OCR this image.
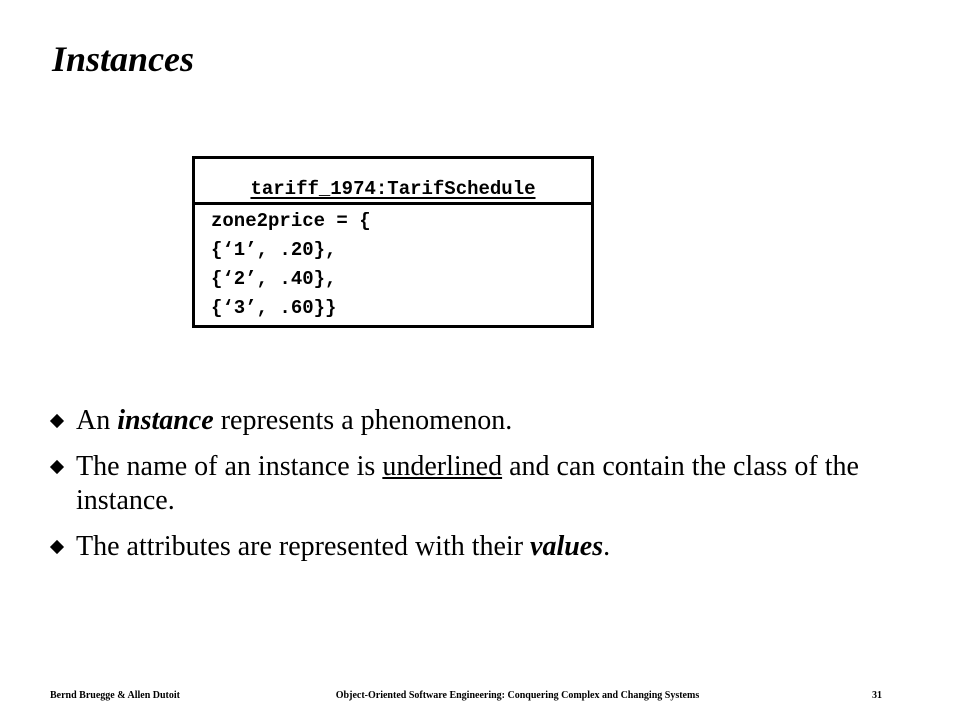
Instances
tariff_1974:TarifSchedule
zone2price = {
{‘1’, .20},
{‘2’, .40},
{‘3’, .60}}
An instance represents a phenomenon.
The name of an instance is underlined and can contain the class of the instance.
The attributes are represented with their values.
Bernd Bruegge & Allen Dutoit	Object-Oriented Software Engineering: Conquering Complex and Changing Systems	31
